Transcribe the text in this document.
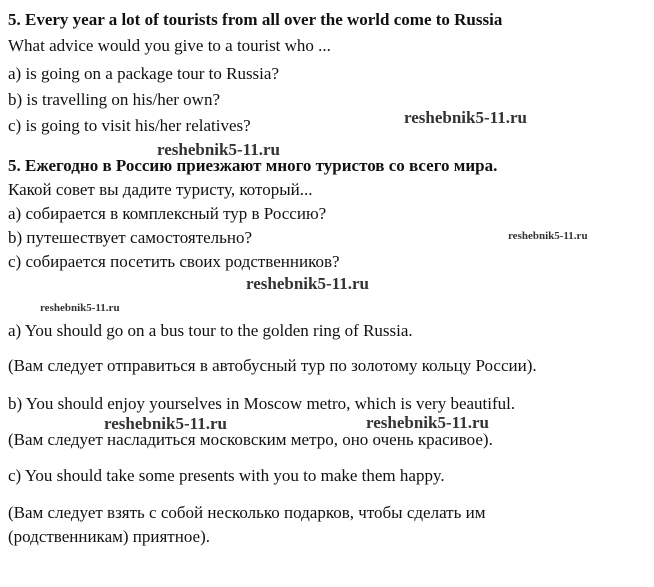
5. Every year a lot of tourists from all over the world come to Russia
What advice would you give to a tourist who ...
a) is going on a package tour to Russia?
b) is travelling on his/her own?
c) is going to visit his/her relatives?
5. Ежегодно в Россию приезжают много туристов со всего мира.
Какой совет вы дадите туристу, который...
а) собирается в комплексный тур в Россию?
b) путешествует самостоятельно?
с) собирается посетить своих родственников?
a) You should go on a bus tour to the golden ring of Russia.
(Вам следует отправиться в автобусный тур по золотому кольцу России).
b) You should enjoy yourselves in Moscow metro, which is very beautiful.
(Вам следует насладиться московским метро, оно очень красивое).
c) You should take some presents with you to make them happy.
(Вам следует взять с собой несколько подарков, чтобы сделать им
(родственникам) приятное).
reshebnik5-11.ru
reshebnik5-11.ru
reshebnik5-11.ru
reshebnik5-11.ru
reshebnik5-11.ru
reshebnik5-11.ru	reshebnik5-11.ru
